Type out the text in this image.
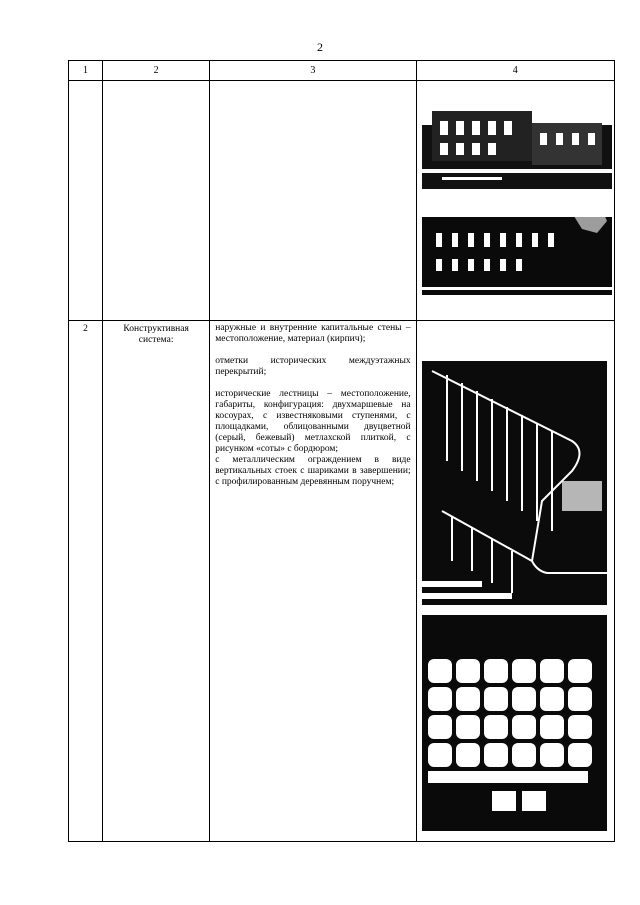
2
1	2	3	4

2	Конструктивная система:	наружные и внутренние капитальные стены – местоположение, материал (кирпич);

отметки исторических междуэтажных перекрытий;

исторические лестницы – местоположение, габариты, конфигурация: двухмаршевые на косоурах, с известняковыми ступенями, с площадками, облицованными двуцветной (серый, бежевый) метлахской плиткой, с рисунком «соты» с бордюром;

с металлическим ограждением в виде вертикальных стоек с шариками в завершении; с профилированным деревянным поручнем;
